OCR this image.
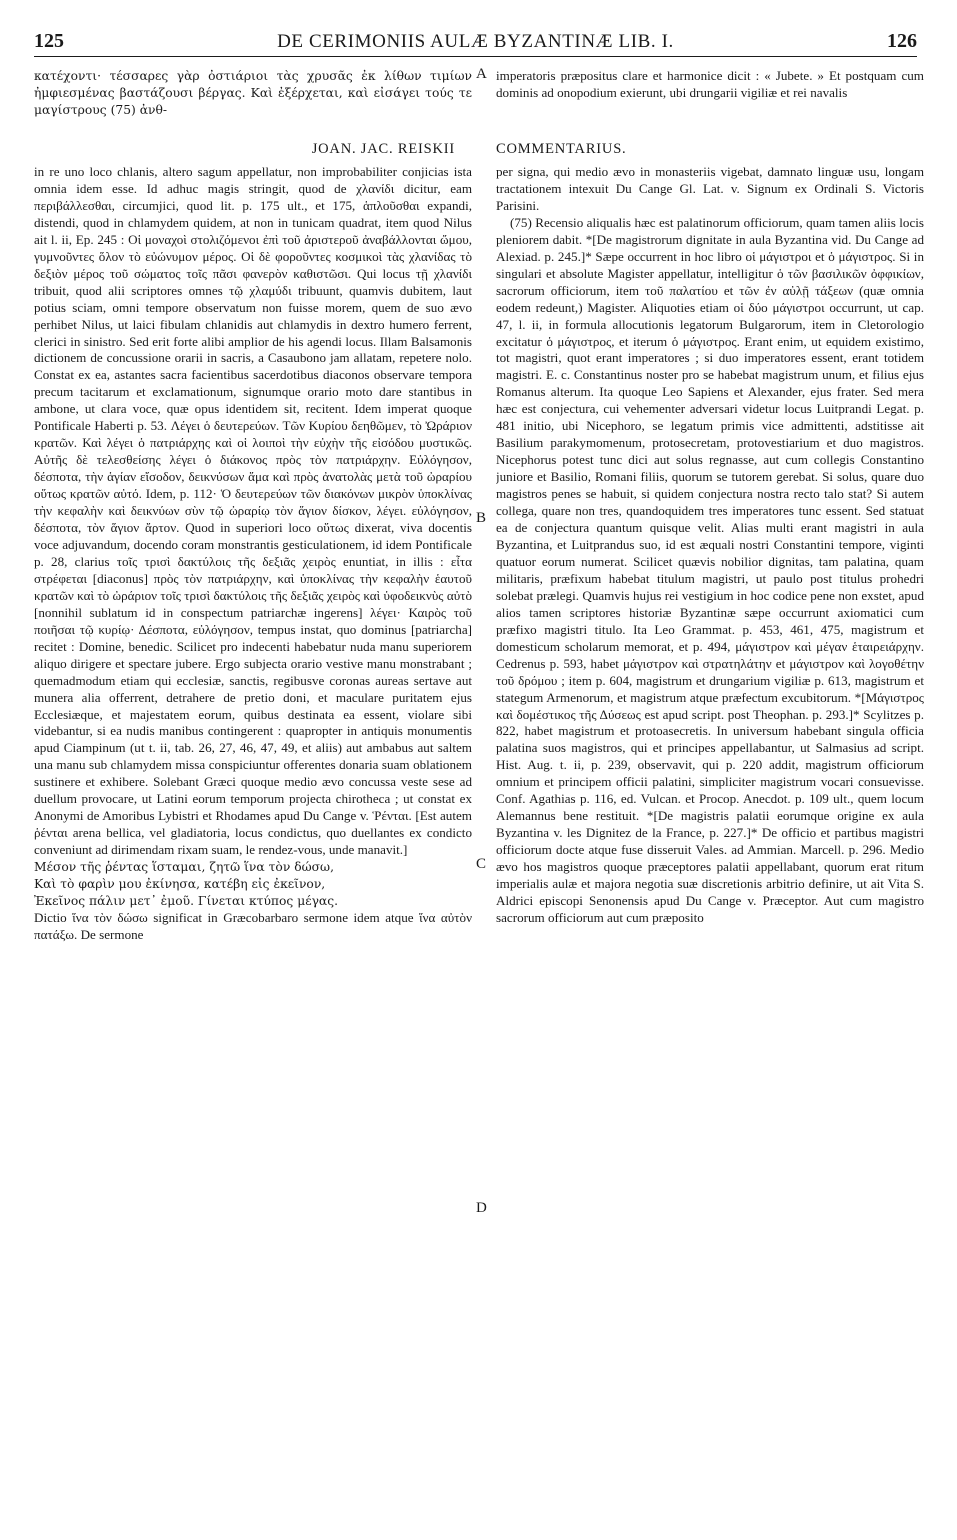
125	DE CERIMONIIS AULÆ BYZANTINÆ LIB. I.	126

κατέχοντι· τέσσαρες γὰρ ὀστιάριοι τὰς χρυσᾶς ἐκ λίθων τιμίων ἠμφιεσμένας βαστάζουσι βέργας. Καὶ ἐξέρχεται, καὶ εἰσάγει τούς τε μαγίστρους (75) ἀνθ-

imperatoris præpositus clare et harmonice dicit : « Jubete. » Et postquam cum dominis ad onopodium exierunt, ubi drungarii vigiliæ et rei navalis

JOAN. JAC. REISKII	COMMENTARIUS.

in re uno loco chlanis, altero sagum appellatur, non improbabiliter conjicias ista omnia idem esse. Id adhuc magis stringit, quod de χλανίδι dicitur, eam περιβάλλεσθαι, circumjici, quod lit. p. 175 ult., et 175, ἁπλοῦσθαι expandi, distendi, quod in chlamydem quidem, at non in tunicam quadrat, item quod Nilus ait l. ii, Ep. 245 : Οἱ μοναχοὶ στολιζόμενοι ἐπὶ τοῦ ἀριστεροῦ ἀναβάλλονται ὤμου, γυμνοῦντες ὅλον τὸ εὐώνυμον μέρος. Οἱ δὲ φοροῦντες κοσμικοὶ τὰς χλανίδας τὸ δεξιὸν μέρος τοῦ σώματος τοῖς πᾶσι φανερὸν καθιστῶσι. Qui locus τῇ χλανίδι tribuit, quod alii scriptores omnes τῷ χλαμύδι tribuunt, quamvis dubitem, laut potius sciam, omni tempore observatum non fuisse morem, quem de suo ævo perhibet Nilus, ut laici fibulam chlanidis aut chlamydis in dextro humero ferrent, clerici in sinistro. Sed erit forte alibi amplior de his agendi locus. Illam Balsamonis dictionem de concussione orarii in sacris, a Casaubono jam allatam, repetere nolo. Constat ex ea, astantes sacra facientibus sacerdotibus diaconos observare tempora precum tacitarum et exclamationum, signumque orario moto dare stantibus in ambone, ut clara voce, quæ opus identidem sit, recitent. Idem imperat quoque Pontificale Haberti p. 53. Λέγει ὁ δευτερεύων. Τῶν Κυρίου δεηθῶμεν, τὸ Ὠράριον κρατῶν. Καὶ λέγει ὁ πατριάρχης καὶ οἱ λοιποὶ τὴν εὐχὴν τῆς εἰσόδου μυστικῶς. Αὐτῆς δὲ τελεσθείσης λέγει ὁ διάκονος πρὸς τὸν πατριάρχην. Εὐλόγησον, δέσποτα, τὴν ἁγίαν εἴσοδον, δεικνύσων ἅμα καὶ πρὸς ἀνατολὰς μετὰ τοῦ ὠραρίου οὕτως κρατῶν αὐτό. Idem, p. 112· Ὁ δευτερεύων τῶν διακόνων μικρὸν ὑποκλίνας τὴν κεφαλὴν καὶ δεικνύων σὺν τῷ ὠραρίῳ τὸν ἅγιον δίσκον, λέγει. εὐλόγησον, δέσποτα, τὸν ἅγιον ἄρτον. Quod in superiori loco οὕτως dixerat, viva docentis voce adjuvandum, docendo coram monstrantis gesticulationem, id idem Pontificale p. 28, clarius τοῖς τρισὶ δακτύλοις τῆς δεξιᾶς χειρὸς enuntiat, in illis : εἶτα στρέφεται [diaconus] πρὸς τὸν πατριάρχην, καὶ ὑποκλίνας τὴν κεφαλὴν ἑαυτοῦ κρατῶν καὶ τὸ ὠράριον τοῖς τρισὶ δακτύλοις τῆς δεξιᾶς χειρὸς καὶ ὑφοδεικνὺς αὐτὸ [nonnihil sublatum id in conspectum patriarchæ ingerens] λέγει· Καιρὸς τοῦ ποιῆσαι τῷ κυρίῳ· Δέσποτα, εὐλόγησον, tempus instat, quo dominus [patriarcha] recitet : Domine, benedic. Scilicet pro indecenti habebatur nuda manu superiorem aliquo dirigere et spectare jubere. Ergo subjecta orario vestive manu monstrabant ; quemadmodum etiam qui ecclesiæ, sanctis, regibusve coronas aureas sertave aut munera alia offerrent, detrahere de pretio doni, et maculare puritatem ejus Ecclesiæque, et majestatem eorum, quibus destinata ea essent, violare sibi videbantur, si ea nudis manibus contingerent : quapropter in antiquis monumentis apud Ciampinum (ut t. ii, tab. 26, 27, 46, 47, 49, et aliis) aut ambabus aut saltem una manu sub chlamydem missa conspiciuntur offerentes donaria suam oblationem sustinere et exhibere. Solebant Græci quoque medio ævo concussa veste sese ad duellum provocare, ut Latini eorum temporum projecta chirotheca ; ut constat ex Anonymi de Amoribus Lybistri et Rhodames apud Du Cange v. Ῥένται. [Est autem ῥένται arena bellica, vel gladiatoria, locus condictus, quo duellantes ex condicto conveniunt ad dirimendam rixam suam, le rendez-vous, unde manavit.]

Μέσον τῆς ῥέντας ἵσταμαι, ζητῶ ἵνα τὸν δώσω,

Καὶ τὸ φαρὶν μου ἐκίνησα, κατέβη εἰς ἐκεῖνον,

Ἐκεῖνος πάλιν μετ᾽ ἐμοῦ. Γίνεται κτύπος μέγας.

Dictio ἵνα τὸν δώσω significat in Græcobarbaro sermone idem atque ἵνα αὐτὸν πατάξω. De sermone

per signa, qui medio ævo in monasteriis vigebat, damnato linguæ usu, longam tractationem intexuit Du Cange Gl. Lat. v. Signum ex Ordinali S. Victoris Parisini.

(75) Recensio aliqualis hæc est palatinorum officiorum, quam tamen aliis locis pleniorem dabit. *[De magistrorum dignitate in aula Byzantina vid. Du Cange ad Alexiad. p. 245.]* Sæpe occurrent in hoc libro οἱ μάγιστροι et ὁ μάγιστρος. Si in singulari et absolute Magister appellatur, intelligitur ὁ τῶν βασιλικῶν ὀφφικίων, sacrorum officiorum, item τοῦ παλατίου et τῶν ἐν αὐλῇ τάξεων (quæ omnia eodem redeunt,) Magister. Aliquoties etiam οἱ δύο μάγιστροι occurrunt, ut cap. 47, l. ii, in formula allocutionis legatorum Bulgarorum, item in Cletorologio excitatur ὁ μάγιστρος, et iterum ὁ μάγιστρος. Erant enim, ut equidem existimo, tot magistri, quot erant imperatores ; si duo imperatores essent, erant totidem magistri. E. c. Constantinus noster pro se habebat magistrum unum, et filius ejus Romanus alterum. Ita quoque Leo Sapiens et Alexander, ejus frater. Sed mera hæc est conjectura, cui vehementer adversari videtur locus Luitprandi Legat. p. 481 initio, ubi Nicephoro, se legatum primis vice admittenti, adstitisse ait Basilium parakymomenum, protosecretam, protovestiarium et duo magistros. Nicephorus potest tunc dici aut solus regnasse, aut cum collegis Constantino juniore et Basilio, Romani filiis, quorum se tutorem gerebat. Si solus, quare duo magistros penes se habuit, si quidem conjectura nostra recto talo stat? Si autem collega, quare non tres, quandoquidem tres imperatores tunc essent. Sed statuat ea de conjectura quantum quisque velit. Alias multi erant magistri in aula Byzantina, et Luitprandus suo, id est æquali nostri Constantini tempore, viginti quatuor eorum numerat. Scilicet quævis nobilior dignitas, tam palatina, quam militaris, præfixum habebat titulum magistri, ut paulo post titulus prohedri solebat prælegi. Quamvis hujus rei vestigium in hoc codice pene non exstet, apud alios tamen scriptores historiæ Byzantinæ sæpe occurrunt axiomatici cum præfixo magistri titulo. Ita Leo Grammat. p. 453, 461, 475, magistrum et domesticum scholarum memorat, et p. 494, μάγιστρον καὶ μέγαν ἑταιρειάρχην. Cedrenus p. 593, habet μάγιστρον καὶ στρατηλάτην et μάγιστρον καὶ λογοθέτην τοῦ δρόμου ; item p. 604, magistrum et drungarium vigiliæ p. 613, magistrum et stategum Armenorum, et magistrum atque præfectum excubitorum. *[Μάγιστρος καὶ δομέστικος τῆς Δύσεως est apud script. post Theophan. p. 293.]* Scylitzes p. 822, habet magistrum et protoasecretis. In universum habebant singula officia palatina suos magistros, qui et principes appellabantur, ut Salmasius ad script. Hist. Aug. t. ii, p. 239, observavit, qui p. 220 addit, magistrum officiorum omnium et principem officii palatini, simpliciter magistrum vocari consuevisse. Conf. Agathias p. 116, ed. Vulcan. et Procop. Anecdot. p. 109 ult., quem locum Alemannus bene restituit. *[De magistris palatii eorumque origine ex aula Byzantina v. les Dignitez de la France, p. 227.]* De officio et partibus magistri officiorum docte atque fuse disseruit Vales. ad Ammian. Marcell. p. 296. Medio ævo hos magistros quoque præceptores palatii appellabant, quorum erat ritum imperialis aulæ et majora negotia suæ discretionis arbitrio definire, ut ait Vita S. Aldrici episcopi Senonensis apud Du Cange v. Præceptor. Aut cum magistro sacrorum officiorum aut cum præposito

A
B
C
D
